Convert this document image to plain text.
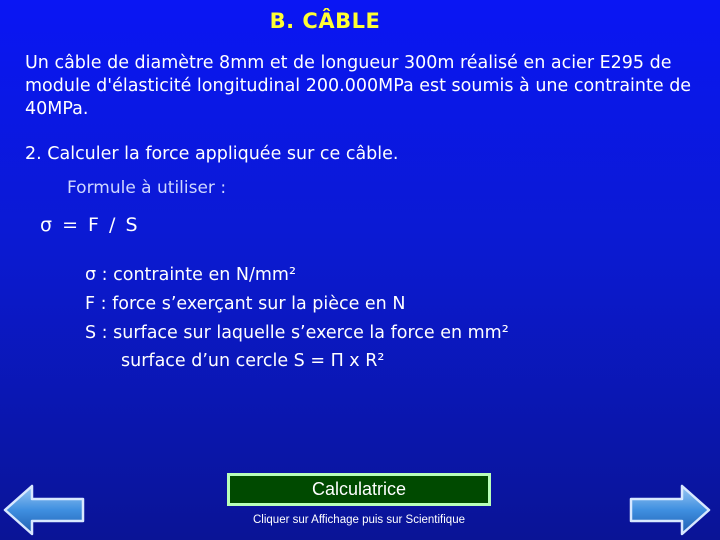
B. CÂBLE
Un câble de diamètre 8mm et de longueur 300m réalisé en acier E295 de module d'élasticité longitudinal 200.000MPa est soumis à une contrainte de 40MPa.
2. Calculer la force appliquée sur ce câble.
Formule à utiliser :
σ = F / S
σ : contrainte en N/mm²
F : force s’exerçant sur la pièce en N
S : surface sur laquelle s’exerce la force en mm²
surface d’un cercle S = Π x R²
Calculatrice
Cliquer sur Affichage puis sur Scientifique
